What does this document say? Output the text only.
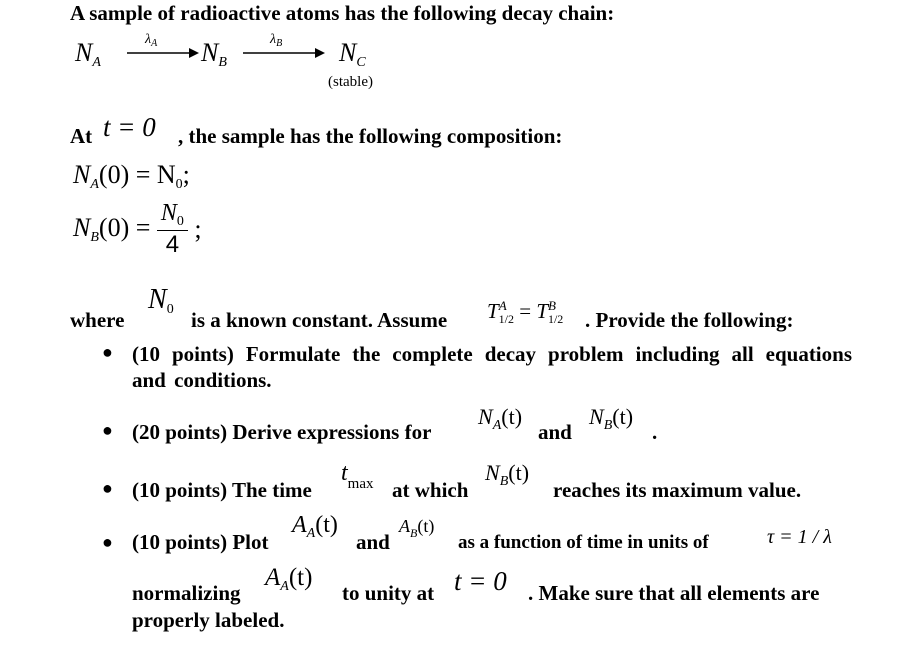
A sample of radioactive atoms has the following decay chain:
$N_A$
$\lambda_A$ $N_B$
$\lambda_B$ $N_C$
(stable)
At t = 0 , the sample has the following composition:
$N_A(0) = N_0$;
$N_B(0) = \frac{N_0}{4}$ ;
where
$N_0$ is a known constant. Assume $T^A_{1/2} = T^B_{1/2}$ . Provide the following:
● (10 points) Formulate the complete decay problem including all equations and conditions.
● (20 points) Derive expressions for
$N_A(t)$
and
$N_B(t)$
.
● (10 points) The time
$t_{max}$ at which
$N_B(t)$
reaches its maximum value.
● (10 points) Plot
$A_A(t)$
and
$A_B(t)$
as a function of time in units of	τ = 1 / λ
normalizing
$A_A(t)$
to unity at t = 0 . Make sure that all elements are
properly labeled.
